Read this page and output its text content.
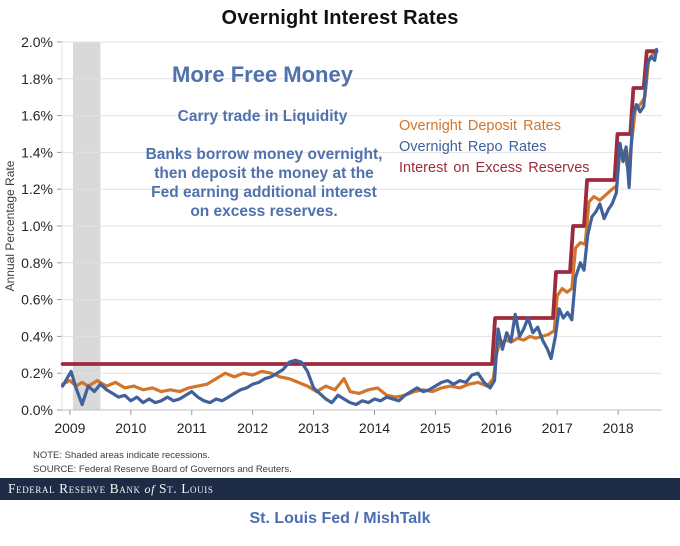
Overnight Interest Rates
0.0%
0.2%
0.4%
0.6%
0.8%
1.0%
1.2%
1.4%
1.6%
1.8%
2.0%
2009 2010 2011 2012 2013 2014 2015 2016 2017 2018
Annual Percentage Rate
More Free Money
Carry trade in Liquidity
Banks borrow money overnight, then deposit the money at the Fed earning additional interest on excess reserves.
Overnight Deposit Rates
Overnight Repo Rates
Interest on Excess Reserves
NOTE: Shaded areas indicate recessions.
SOURCE: Federal Reserve Board of Governors and Reuters.
Federal Reserve Bank of St. Louis
St. Louis Fed / MishTalk
